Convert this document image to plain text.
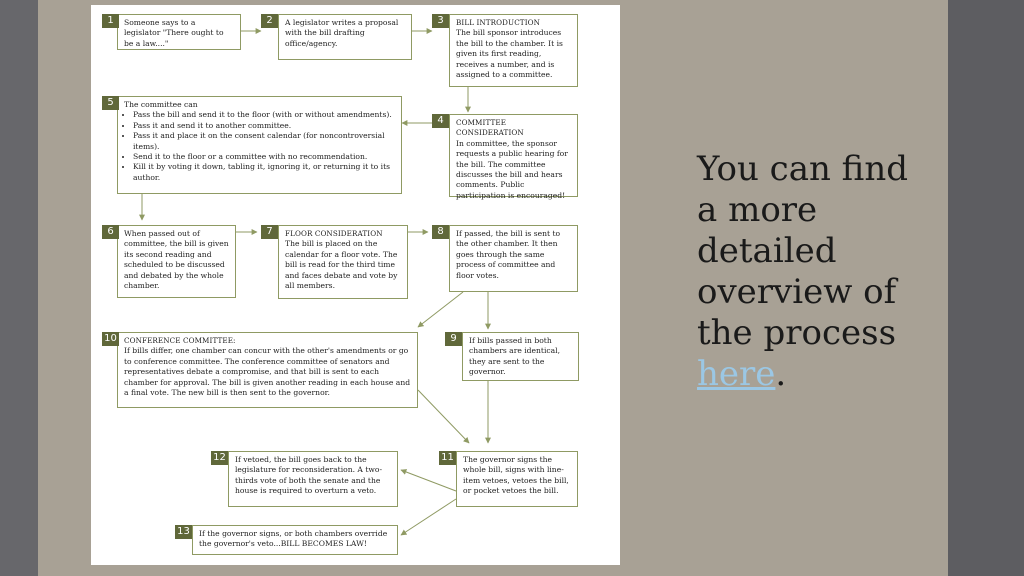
Someone says to a legislator "There ought to be a law...."
1	A legislator writes a proposal with the bill drafting office/agency.
2	BILL INTRODUCTION
The bill sponsor introduces the bill to the chamber. It is given its first reading, receives a number, and is assigned to a committee.
3
The committee can
• Pass the bill and send it to the floor (with or without amendments).
• Pass it and send it to another committee.
• Pass it and place it on the consent calendar (for noncontroversial items).
• Send it to the floor or a committee with no recommendation.
• Kill it by voting it down, tabling it, ignoring it, or returning it to its author.
5
COMMITTEE CONSIDERATION
In committee, the sponsor requests a public hearing for the bill. The committee discusses the bill and hears comments. Public participation is encouraged!
4
When passed out of committee, the bill is given its second reading and scheduled to be discussed and debated by the whole chamber.
6	FLOOR CONSIDERATION
The bill is placed on the calendar for a floor vote. The bill is read for the third time and faces debate and vote by all members.
7	If passed, the bill is sent to the other chamber. It then goes through the same process of committee and floor votes.
8
CONFERENCE COMMITTEE:
If bills differ, one chamber can concur with the other's amendments or go to conference committee. The conference committee of senators and representatives debate a compromise, and that bill is sent to each chamber for approval. The bill is given another reading in each house and a final vote. The new bill is then sent to the governor.
10	If bills passed in both chambers are identical, they are sent to the governor.
9
The governor signs the whole bill, signs with line-item vetoes, vetoes the bill, or pocket vetoes the bill.
11
If vetoed, the bill goes back to the legislature for reconsideration. A two-thirds vote of both the senate and the house is required to overturn a veto.
12
If the governor signs, or both chambers override the governor's veto...BILL BECOMES LAW!
13
You can find a more detailed overview of the process here.
